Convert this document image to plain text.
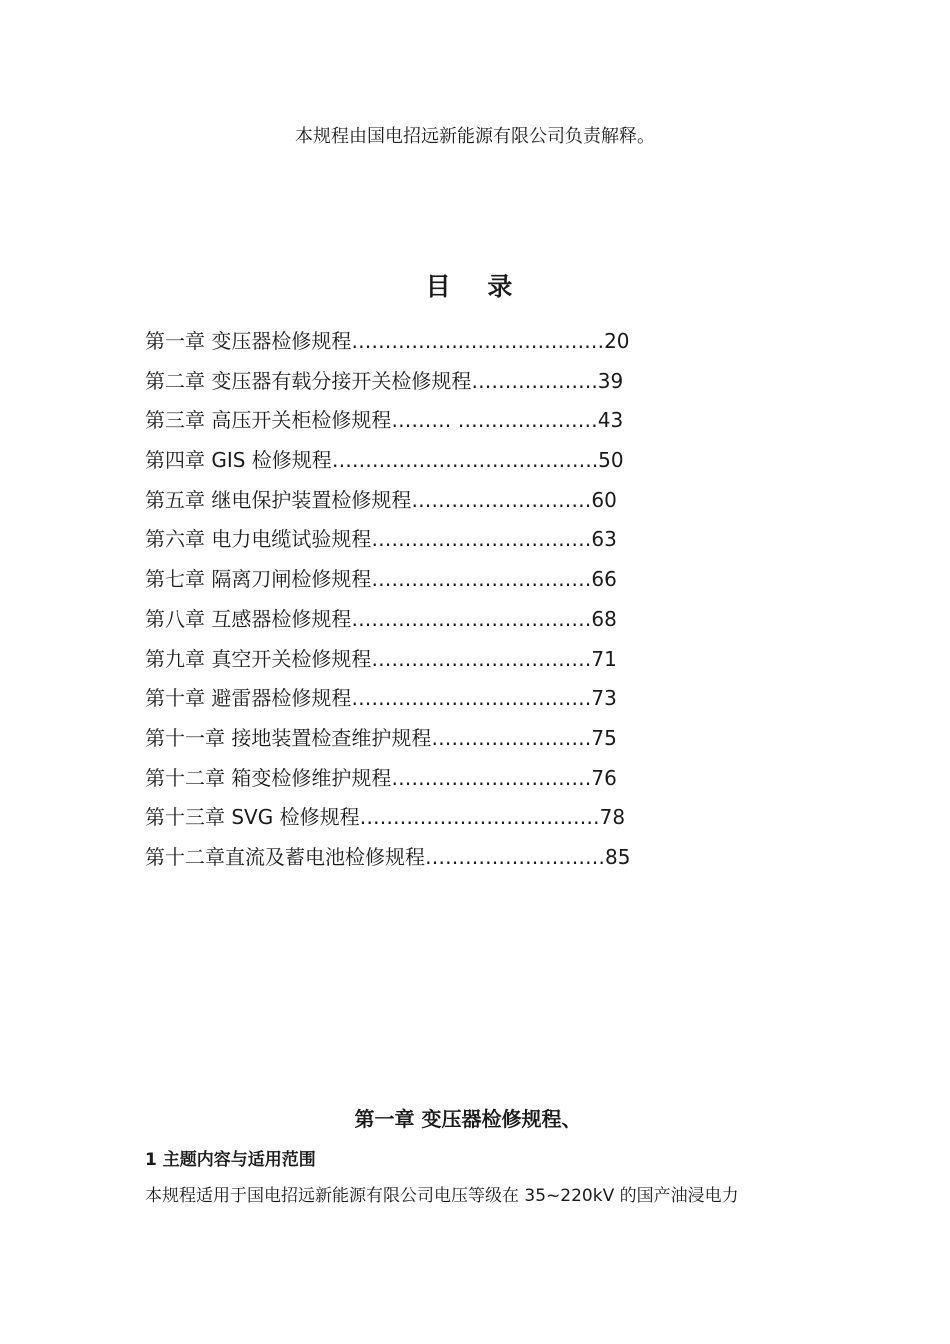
本规程由国电招远新能源有限公司负责解释。
目 录
第一章 变压器检修规程……………..…………………20
第二章 变压器有载分接开关检修规程……………….39
第三章 高压开关柜检修规程……… …………………43
第四章 GIS 检修规程………………………………….50
第五章 继电保护装置检修规程………………………60
第六章 电力电缆试验规程……………………………63
第七章 隔离刀闸检修规程……………………………66
第八章 互感器检修规程………………………………68
第九章 真空开关检修规程……………………………71
第十章 避雷器检修规程………………………………73
第十一章 接地装置检查维护规程……………………75
第十二章 箱变检修维护规程…………………………76
第十三章 SVG 检修规程………………………………78
第十二章直流及蓄电池检修规程………………………85
第一章 变压器检修规程、
1 主题内容与适用范围
本规程适用于国电招远新能源有限公司电压等级在 35~220kV 的国产油浸电力
